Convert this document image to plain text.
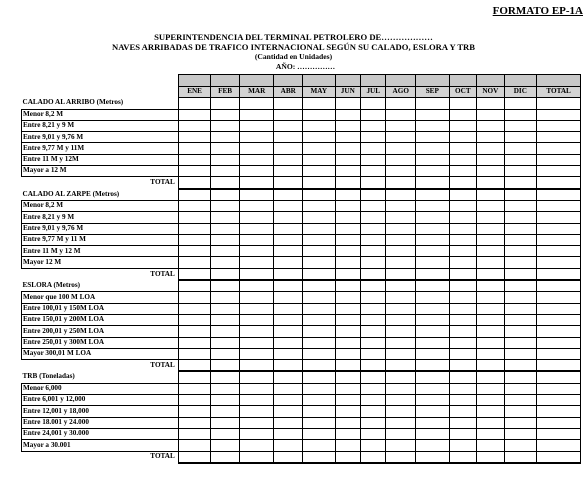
FORMATO EP-1A
SUPERINTENDENCIA DEL TERMINAL PETROLERO DE………………
NAVES ARRIBADAS DE TRAFICO INTERNACIONAL SEGÚN SU CALADO, ESLORA Y TRB
(Cantidad en Unidades)
AÑO: ……………

	ENE	FEB	MAR	ABR	MAY	JUN	JUL	AGO	SEP	OCT	NOV	DIC	TOTAL
CALADO AL ARRIBO (Metros)													
Menor 8,2 M													
Entre 8,21 y 9 M													
Entre 9,01 y 9,76 M													
Entre 9,77 M y 11M													
Entre 11 M y 12M													
Mayor a 12 M													
TOTAL													
CALADO AL ZARPE (Metros)													
Menor 8,2 M													
Entre 8,21 y 9 M													
Entre 9,01 y 9,76 M													
Entre 9,77 M y 11 M													
Entre 11 M y 12 M													
Mayor 12 M													
TOTAL													
ESLORA (Metros)													
Menor que 100 M LOA													
Entre 100,01 y 150M LOA													
Entre 150,01 y 200M LOA													
Entre 200,01 y 250M LOA													
Entre 250,01 y 300M LOA													
Mayor 300,01 M LOA													
TOTAL													
TRB (Toneladas)													
Menor 6,000													
Entre 6,001 y 12,000													
Entre 12,001 y 18,000													
Entre 18.001 y 24.000													
Entre 24,001 y 30.000													
Mayor a 30.001													
TOTAL													
